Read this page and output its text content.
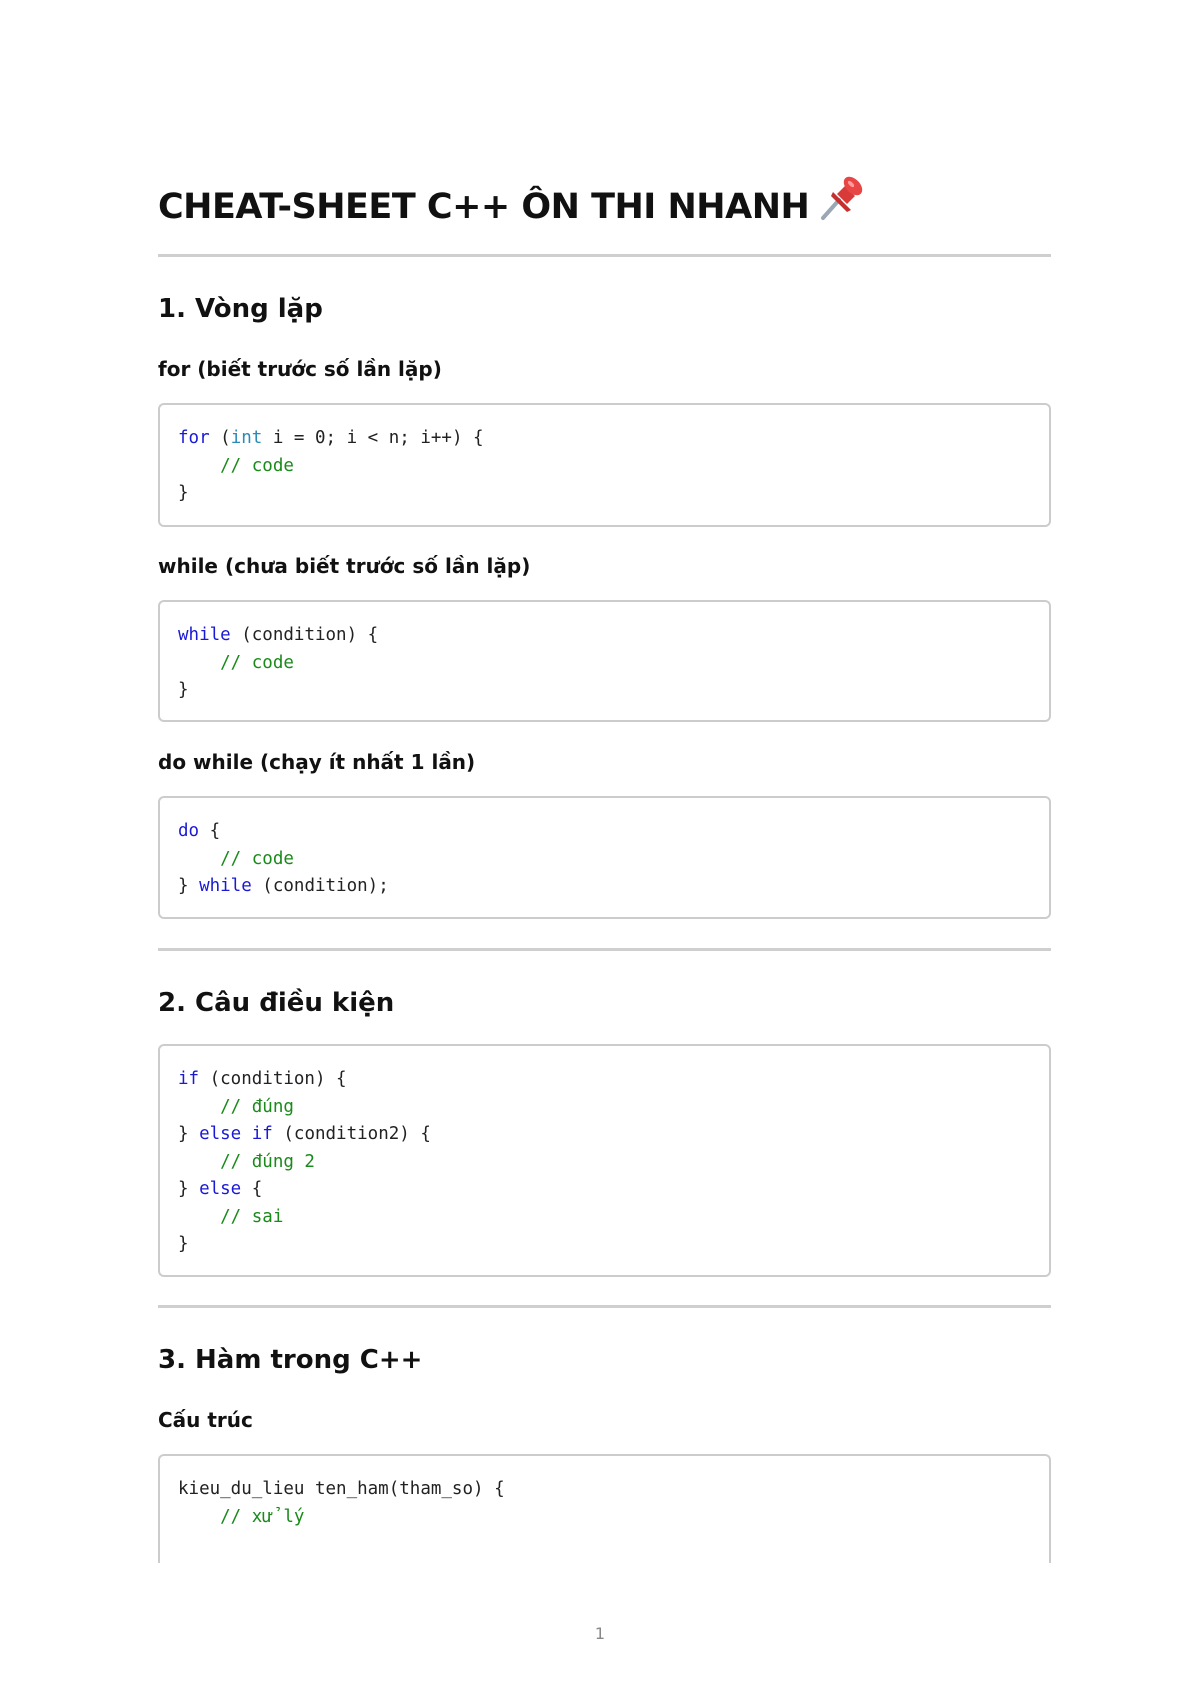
CHEAT-SHEET C++ ÔN THI NHANH
1. Vòng lặp
for (biết trước số lần lặp)
for (int i = 0; i < n; i++) {
// code
}
while (chưa biết trước số lần lặp)
while (condition) {
// code
}
do while (chạy ít nhất 1 lần)
do {
// code
} while (condition);
2. Câu điều kiện
if (condition) {
// đúng
} else if (condition2) {
// đúng 2
} else {
// sai
}
3. Hàm trong C++
Cấu trúc
kieu_du_lieu ten_ham(tham_so) {
// xử lý
1
